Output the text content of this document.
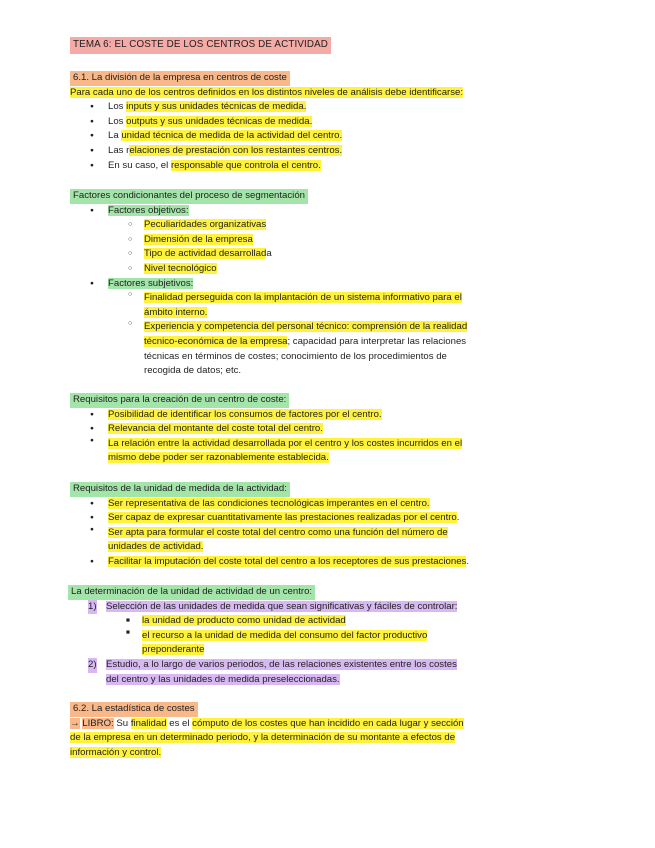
TEMA 6: EL COSTE DE LOS CENTROS DE ACTIVIDAD
6.1. La división de la empresa en centros de coste
Para cada uno de los centros definidos en los distintos niveles de análisis debe identificarse:
● Los inputs y sus unidades técnicas de medida.
● Los outputs y sus unidades técnicas de medida.
● La unidad técnica de medida de la actividad del centro.
● Las relaciones de prestación con los restantes centros.
● En su caso, el responsable que controla el centro.
Factores condicionantes del proceso de segmentación
● Factores objetivos:
○ Peculiaridades organizativas
○ Dimensión de la empresa
○ Tipo de actividad desarrollada
○ Nivel tecnológico
● Factores subjetivos:
○ Finalidad perseguida con la implantación de un sistema informativo para el
ámbito interno.
○ Experiencia y competencia del personal técnico: comprensión de la realidad
técnico-económica de la empresa; capacidad para interpretar las relaciones
técnicas en términos de costes; conocimiento de los procedimientos de
recogida de datos; etc.
Requisitos para la creación de un centro de coste:
● Posibilidad de identificar los consumos de factores por el centro.
● Relevancia del montante del coste total del centro.
● La relación entre la actividad desarrollada por el centro y los costes incurridos en el
mismo debe poder ser razonablemente establecida.
Requisitos de la unidad de medida de la actividad:
● Ser representativa de las condiciones tecnológicas imperantes en el centro.
● Ser capaz de expresar cuantitativamente las prestaciones realizadas por el centro.
● Ser apta para formular el coste total del centro como una función del número de
unidades de actividad.
● Facilitar la imputación del coste total del centro a los receptores de sus prestaciones.
La determinación de la unidad de actividad de un centro:
1) Selección de las unidades de medida que sean significativas y fáciles de controlar:
■ la unidad de producto como unidad de actividad
■ el recurso a la unidad de medida del consumo del factor productivo
preponderante
2) Estudio, a lo largo de varios periodos, de las relaciones existentes entre los costes
del centro y las unidades de medida preseleccionadas.
6.2. La estadística de costes
→ LIBRO: Su finalidad es el cómputo de los costes que han incidido en cada lugar y sección
de la empresa en un determinado periodo, y la determinación de su montante a efectos de
información y control.
